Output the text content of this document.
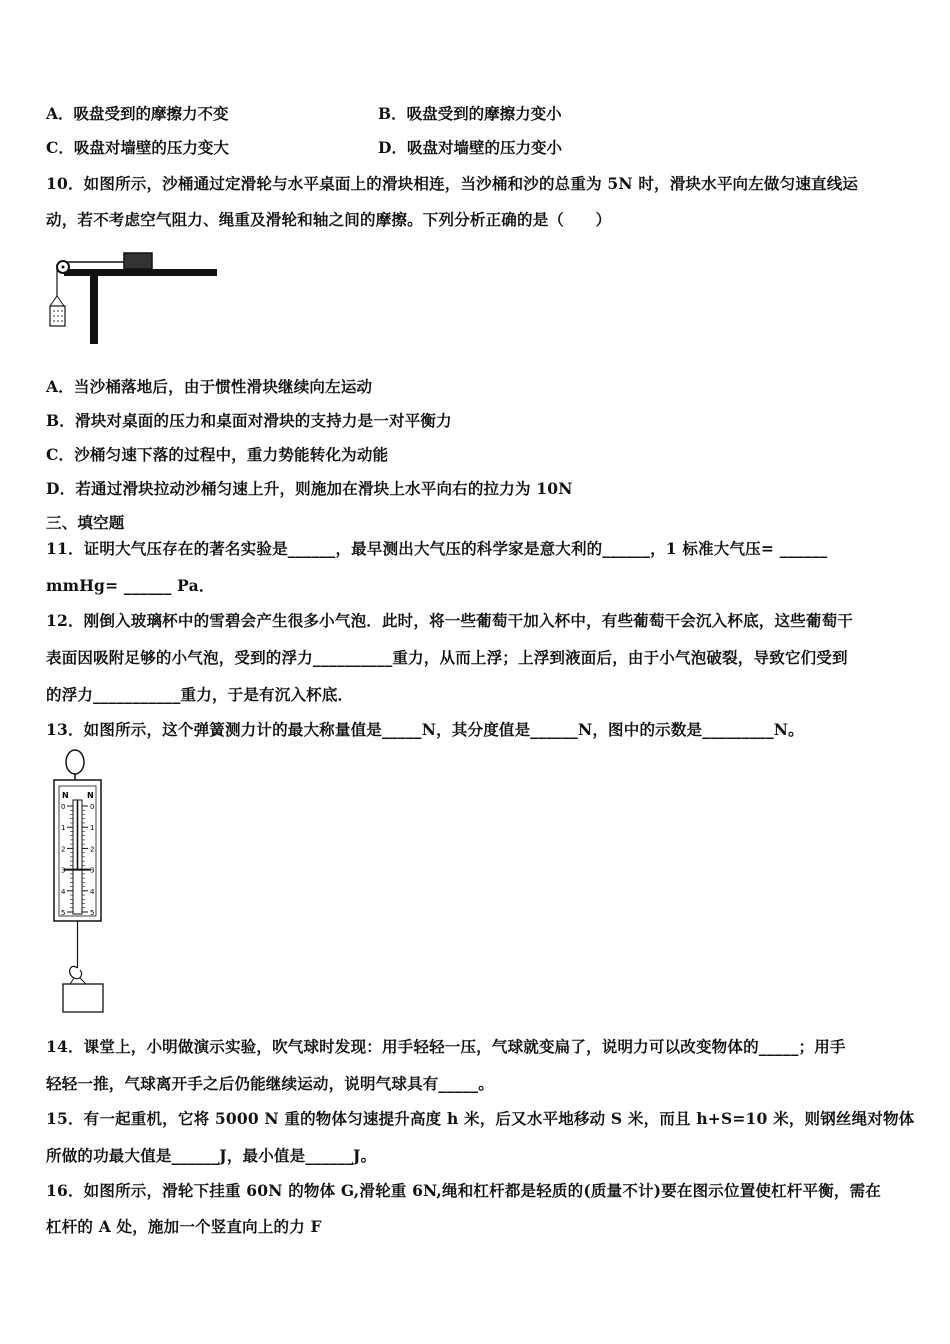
A．吸盘受到的摩擦力不变	B．吸盘受到的摩擦力变小
C．吸盘对墙壁的压力变大	D．吸盘对墙壁的压力变小
10．如图所示，沙桶通过定滑轮与水平桌面上的滑块相连，当沙桶和沙的总重为 5N 时，滑块水平向左做匀速直线运
动，若不考虑空气阻力、绳重及滑轮和轴之间的摩擦。下列分析正确的是（　　）
A．当沙桶落地后，由于惯性滑块继续向左运动
B．滑块对桌面的压力和桌面对滑块的支持力是一对平衡力
C．沙桶匀速下落的过程中，重力势能转化为动能
D．若通过滑块拉动沙桶匀速上升，则施加在滑块上水平向右的拉力为 10N
三、填空题
11．证明大气压存在的著名实验是______，最早测出大气压的科学家是意大利的______，1 标准大气压= ______
mmHg= ______ Pa．
12．刚倒入玻璃杯中的雪碧会产生很多小气泡．此时，将一些葡萄干加入杯中，有些葡萄干会沉入杯底，这些葡萄干
表面因吸附足够的小气泡，受到的浮力__________重力，从而上浮；上浮到液面后，由于小气泡破裂，导致它们受到
的浮力___________重力，于是有沉入杯底．
13．如图所示，这个弹簧测力计的最大称量值是_____N，其分度值是______N，图中的示数是_________N。
N N
0	0
1	1
2	2
3	3
4	4
5	5
14．课堂上，小明做演示实验，吹气球时发现：用手轻轻一压，气球就变扁了，说明力可以改变物体的_____；用手
轻轻一推，气球离开手之后仍能继续运动，说明气球具有_____。
15．有一起重机，它将 5000 N 重的物体匀速提升高度 h 米，后又水平地移动 S 米，而且 h+S=10 米，则钢丝绳对物体
所做的功最大值是______J，最小值是______J。
16．如图所示，滑轮下挂重 60N 的物体 G,滑轮重 6N,绳和杠杆都是轻质的(质量不计)要在图示位置使杠杆平衡，需在
杠杆的 A 处，施加一个竖直向上的力 F
